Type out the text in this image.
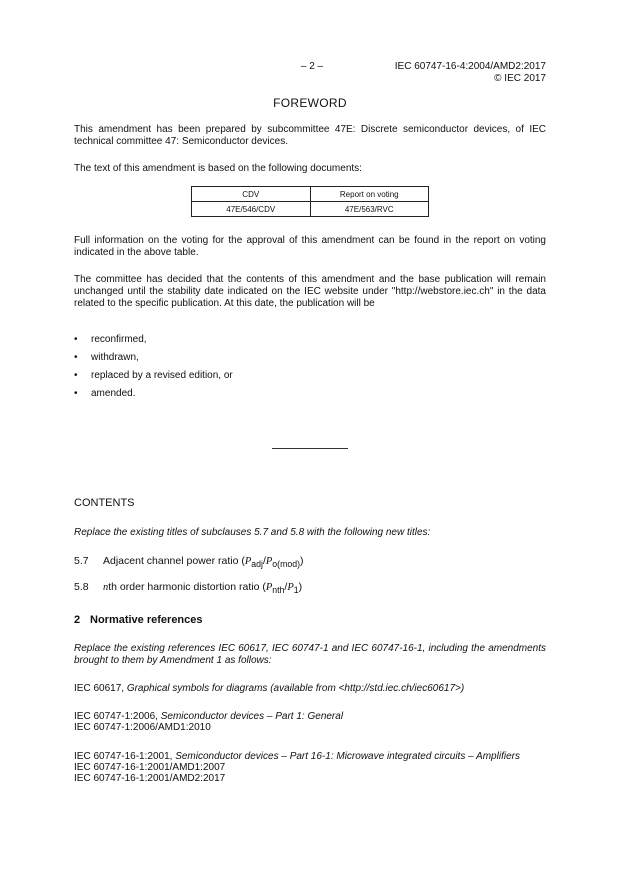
– 2 –	IEC 60747-16-4:2004/AMD2:2017
© IEC 2017
FOREWORD
This amendment has been prepared by subcommittee 47E: Discrete semiconductor devices, of IEC technical committee 47: Semiconductor devices.
The text of this amendment is based on the following documents:
CDV	Report on voting
47E/546/CDV	47E/563/RVC
Full information on the voting for the approval of this amendment can be found in the report on voting indicated in the above table.
The committee has decided that the contents of this amendment and the base publication will remain unchanged until the stability date indicated on the IEC website under "http://webstore.iec.ch" in the data related to the specific publication. At this date, the publication will be
• reconfirmed,
• withdrawn,
• replaced by a revised edition, or
• amended.
CONTENTS
Replace the existing titles of subclauses 5.7 and 5.8 with the following new titles:
5.7 Adjacent channel power ratio $(P_{adj}/P_{o(mod)})$
5.8 nth order harmonic distortion ratio $(P_{nth}/P_1)$
2 Normative references
Replace the existing references IEC 60617, IEC 60747-1 and IEC 60747-16-1, including the amendments brought to them by Amendment 1 as follows:
IEC 60617, Graphical symbols for diagrams (available from <http://std.iec.ch/iec60617>)
IEC 60747-1:2006, Semiconductor devices – Part 1: General
IEC 60747-1:2006/AMD1:2010
IEC 60747-16-1:2001, Semiconductor devices – Part 16-1: Microwave integrated circuits – Amplifiers
IEC 60747-16-1:2001/AMD1:2007
IEC 60747-16-1:2001/AMD2:2017
